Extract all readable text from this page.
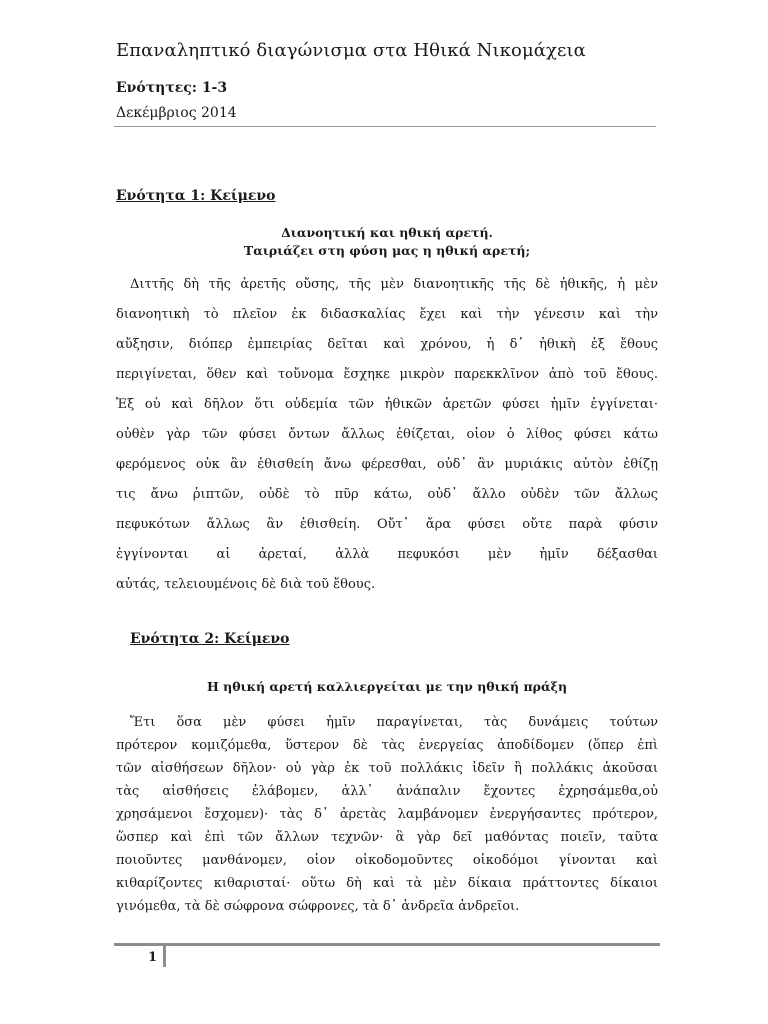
Επαναληπτικό διαγώνισμα στα Ηθικά Νικομάχεια
Ενότητες: 1-3
Δεκέμβριος 2014
Ενότητα 1: Κείμενο
Διανοητική και ηθική αρετή.
Ταιριάζει στη φύση μας η ηθική αρετή;
Διττῆς δὴ τῆς ἀρετῆς οὔσης, τῆς μὲν διανοητικῆς τῆς δὲ ἠθικῆς, ἡ μὲν
διανοητικὴ τὸ πλεῖον ἐκ διδασκαλίας ἔχει καὶ τὴν γένεσιν καὶ τὴν
αὔξησιν, διόπερ ἐμπειρίας δεῖται καὶ χρόνου, ἡ δ᾽ ἠθικὴ ἐξ ἔθους
περιγίνεται, ὅθεν καὶ τοὔνομα ἔσχηκε μικρὸν παρεκκλῖνον ἀπὸ τοῦ ἔθους.
Ἐξ οὗ καὶ δῆλον ὅτι οὐδεμία τῶν ἠθικῶν ἀρετῶν φύσει ἡμῖν ἐγγίνεται·
οὐθὲν γὰρ τῶν φύσει ὄντων ἄλλως ἐθίζεται, οἷον ὁ λίθος φύσει κάτω
φερόμενος οὐκ ἂν ἐθισθείη ἄνω φέρεσθαι, οὐδ᾽ ἂν μυριάκις αὐτὸν ἐθίζῃ
τις ἄνω ῥιπτῶν, οὐδὲ τὸ πῦρ κάτω, οὐδ᾽ ἄλλο οὐδὲν τῶν ἄλλως
πεφυκότων ἄλλως ἂν ἐθισθείη. Οὔτ᾽ ἄρα φύσει οὔτε παρὰ φύσιν
ἐγγίνονται αἱ ἀρεταί, ἀλλὰ πεφυκόσι μὲν ἡμῖν δέξασθαι
αὐτάς, τελειουμένοις δὲ διὰ τοῦ ἔθους.
Ενότητα 2: Κείμενο
Η ηθική αρετή καλλιεργείται με την ηθική πράξη
Ἔτι ὅσα μὲν φύσει ἡμῖν παραγίνεται, τὰς δυνάμεις τούτων
πρότερον κομιζόμεθα, ὕστερον δὲ τὰς ἐνεργείας ἀποδίδομεν (ὅπερ ἐπὶ
τῶν αἰσθήσεων δῆλον· οὐ γὰρ ἐκ τοῦ πολλάκις ἰδεῖν ἢ πολλάκις ἀκοῦσαι
τὰς αἰσθήσεις ἐλάβομεν, ἀλλ᾽ ἀνάπαλιν ἔχοντες ἐχρησάμεθα,οὐ
χρησάμενοι ἔσχομεν)· τὰς δ᾽ ἀρετὰς λαμβάνομεν ἐνεργήσαντες πρότερον,
ὥσπερ καὶ ἐπὶ τῶν ἄλλων τεχνῶν· ἃ γὰρ δεῖ μαθόντας ποιεῖν, ταῦτα
ποιοῦντες μανθάνομεν, οἷον οἰκοδομοῦντες οἰκοδόμοι γίνονται καὶ
κιθαρίζοντες κιθαρισταί· οὕτω δὴ καὶ τὰ μὲν δίκαια πράττοντες δίκαιοι
γινόμεθα, τὰ δὲ σώφρονα σώφρονες, τὰ δ᾽ ἀνδρεῖα ἀνδρεῖοι.
1
